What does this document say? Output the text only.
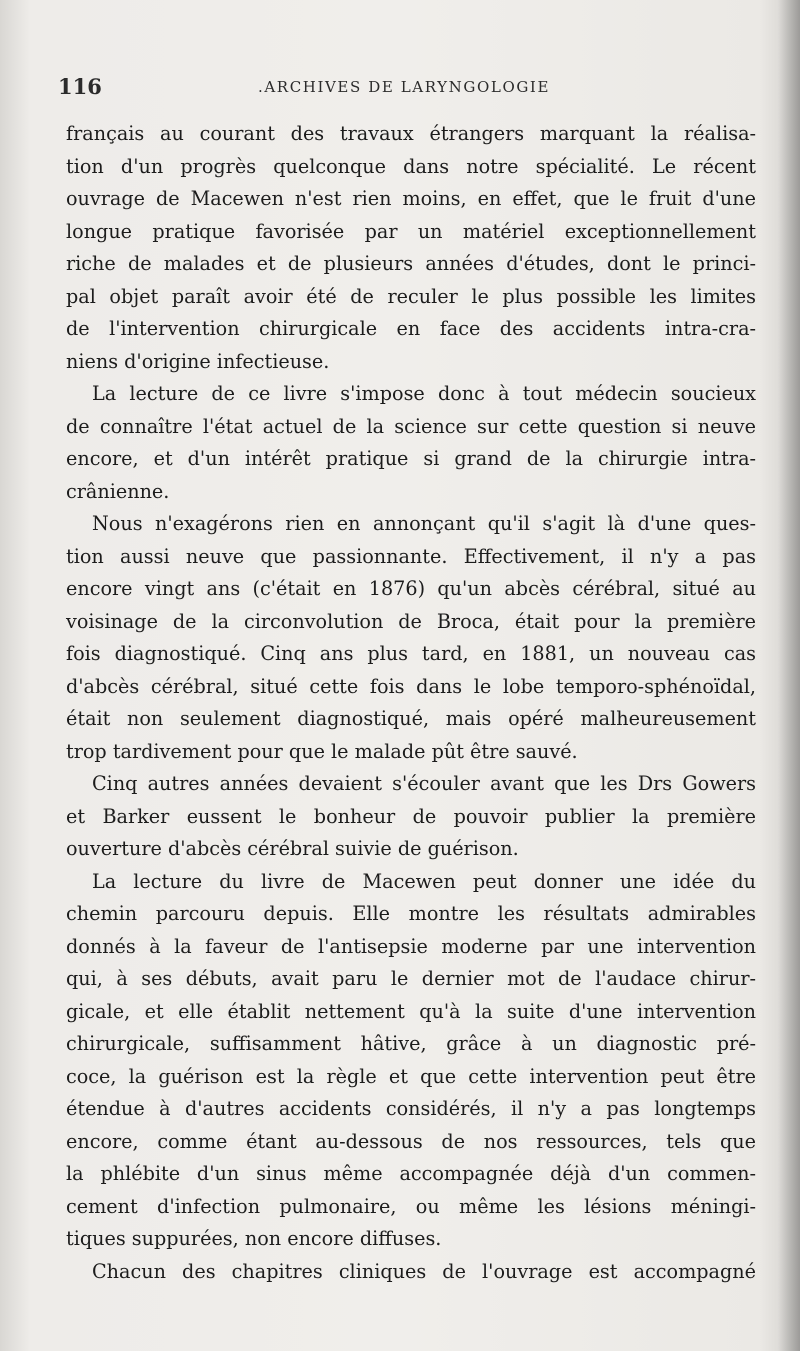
116	.ARCHIVES DE LARYNGOLOGIE
français au courant des travaux étrangers marquant la réalisa-
tion d'un progrès quelconque dans notre spécialité. Le récent
ouvrage de Macewen n'est rien moins, en effet, que le fruit d'une
longue pratique favorisée par un matériel exceptionnellement
riche de malades et de plusieurs années d'études, dont le princi-
pal objet paraît avoir été de reculer le plus possible les limites
de l'intervention chirurgicale en face des accidents intra-cra-
niens d'origine infectieuse.
La lecture de ce livre s'impose donc à tout médecin soucieux
de connaître l'état actuel de la science sur cette question si neuve
encore, et d'un intérêt pratique si grand de la chirurgie intra-
crânienne.
Nous n'exagérons rien en annonçant qu'il s'agit là d'une ques-
tion aussi neuve que passionnante. Effectivement, il n'y a pas
encore vingt ans (c'était en 1876) qu'un abcès cérébral, situé au
voisinage de la circonvolution de Broca, était pour la première
fois diagnostiqué. Cinq ans plus tard, en 1881, un nouveau cas
d'abcès cérébral, situé cette fois dans le lobe temporo-sphénoïdal,
était non seulement diagnostiqué, mais opéré malheureusement
trop tardivement pour que le malade pût être sauvé.
Cinq autres années devaient s'écouler avant que les Drs Gowers
et Barker eussent le bonheur de pouvoir publier la première
ouverture d'abcès cérébral suivie de guérison.
La lecture du livre de Macewen peut donner une idée du
chemin parcouru depuis. Elle montre les résultats admirables
donnés à la faveur de l'antisepsie moderne par une intervention
qui, à ses débuts, avait paru le dernier mot de l'audace chirur-
gicale, et elle établit nettement qu'à la suite d'une intervention
chirurgicale, suffisamment hâtive, grâce à un diagnostic pré-
coce, la guérison est la règle et que cette intervention peut être
étendue à d'autres accidents considérés, il n'y a pas longtemps
encore, comme étant au-dessous de nos ressources, tels que
la phlébite d'un sinus même accompagnée déjà d'un commen-
cement d'infection pulmonaire, ou même les lésions méningi-
tiques suppurées, non encore diffuses.
Chacun des chapitres cliniques de l'ouvrage est accompagné
